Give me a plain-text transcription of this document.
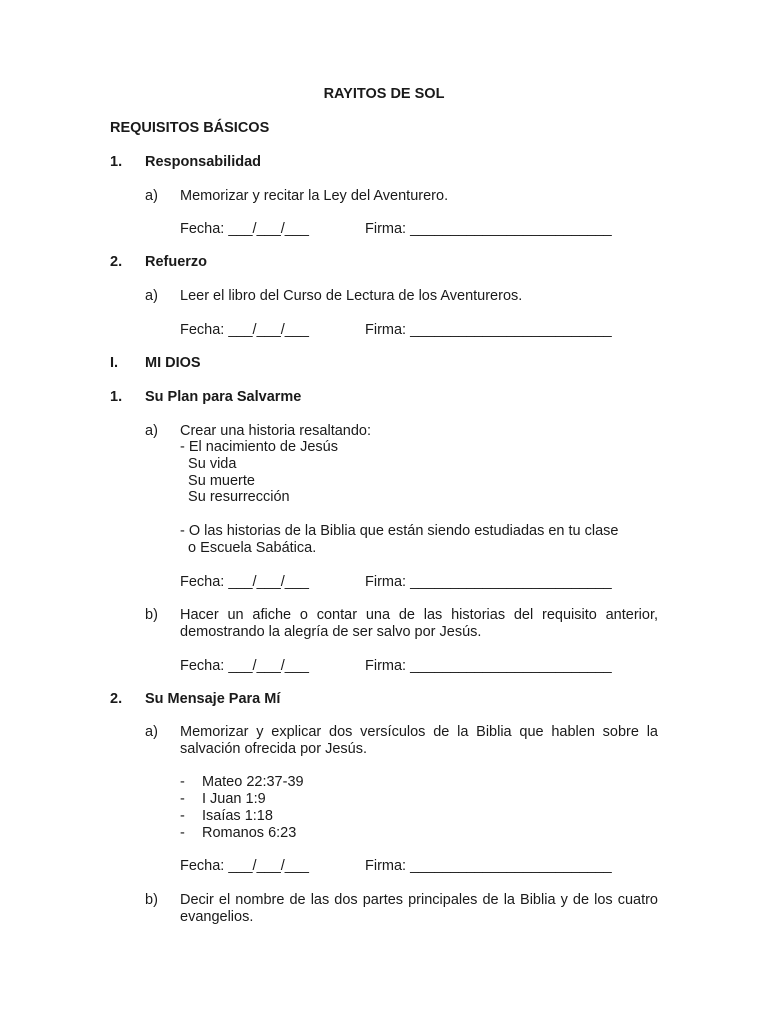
RAYITOS DE SOL
REQUISITOS BÁSICOS
1. Responsabilidad
a) Memorizar y recitar la Ley del Aventurero.
Fecha: ___/___/___	Firma: _________________________
2. Refuerzo
a) Leer el libro del Curso de Lectura de los Aventureros.
Fecha: ___/___/___	Firma: _________________________
I. MI DIOS
1. Su Plan para Salvarme
a) Crear una historia resaltando:
- El nacimiento de Jesús
Su vida
Su muerte
Su resurrección
- O las historias de la Biblia que están siendo estudiadas en tu clase
o Escuela Sabática.
Fecha: ___/___/___	Firma: _________________________
b) Hacer un afiche o contar una de las historias del requisito anterior, demostrando la alegría de ser salvo por Jesús.
Fecha: ___/___/___	Firma: _________________________
2. Su Mensaje Para Mí
a) Memorizar y explicar dos versículos de la Biblia que hablen sobre la salvación ofrecida por Jesús.
- Mateo 22:37-39
- I Juan 1:9
- Isaías 1:18
- Romanos 6:23
Fecha: ___/___/___	Firma: _________________________
b) Decir el nombre de las dos partes principales de la Biblia y de los cuatro evangelios.
